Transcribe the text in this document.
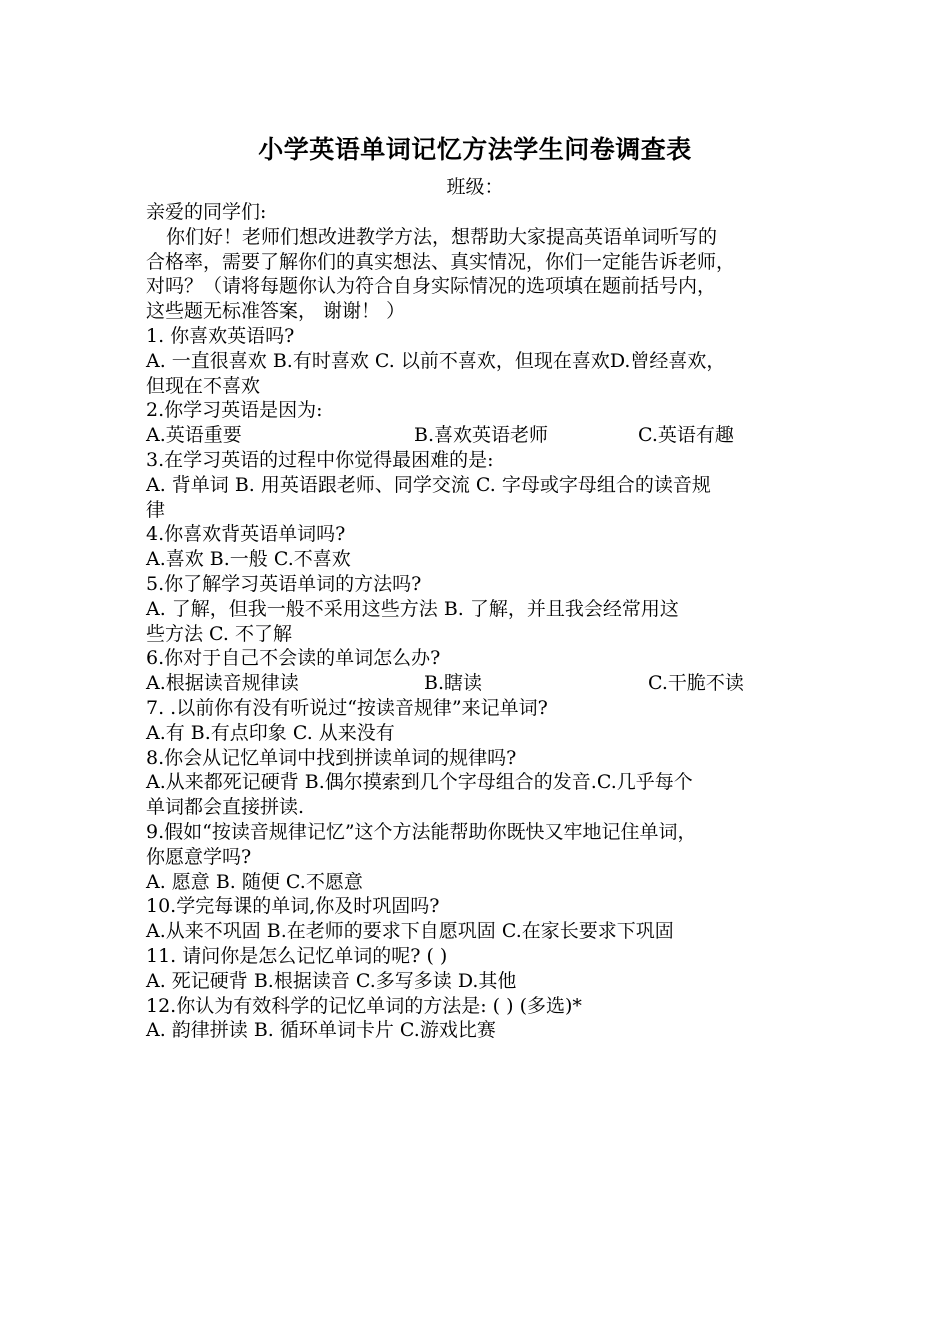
小学英语单词记忆方法学生问卷调查表
班级：
亲爱的同学们:
你们好！老师们想改进教学方法，想帮助大家提高英语单词听写的
合格率，需要了解你们的真实想法、真实情况，你们一定能告诉老师，
对吗？（请将每题你认为符合自身实际情况的选项填在题前括号内，
这些题无标准答案， 谢谢！ ）
1. 你喜欢英语吗?
A. 一直很喜欢 B.有时喜欢 C. 以前不喜欢，但现在喜欢D.曾经喜欢，
但现在不喜欢
2.你学习英语是因为:
A.英语重要	B.喜欢英语老师	C.英语有趣
3.在学习英语的过程中你觉得最困难的是:
A. 背单词 B. 用英语跟老师、同学交流 C. 字母或字母组合的读音规
律
4.你喜欢背英语单词吗?
A.喜欢 B.一般 C.不喜欢
5.你了解学习英语单词的方法吗?
A. 了解，但我一般不采用这些方法 B. 了解，并且我会经常用这
些方法 C. 不了解
6.你对于自己不会读的单词怎么办?
A.根据读音规律读	B.瞎读	C.干脆不读
7. .以前你有没有听说过“按读音规律”来记单词?
A.有 B.有点印象 C. 从来没有
8.你会从记忆单词中找到拼读单词的规律吗?
A.从来都死记硬背 B.偶尔摸索到几个字母组合的发音.C.几乎每个
单词都会直接拼读.
9.假如“按读音规律记忆”这个方法能帮助你既快又牢地记住单词，
你愿意学吗?
A. 愿意 B. 随便 C.不愿意
10.学完每课的单词,你及时巩固吗?
A.从来不巩固 B.在老师的要求下自愿巩固 C.在家长要求下巩固
11. 请问你是怎么记忆单词的呢? ( )
A. 死记硬背 B.根据读音 C.多写多读 D.其他
12.你认为有效科学的记忆单词的方法是: ( ) (多选)*
A. 韵律拼读 B. 循环单词卡片 C.游戏比赛
